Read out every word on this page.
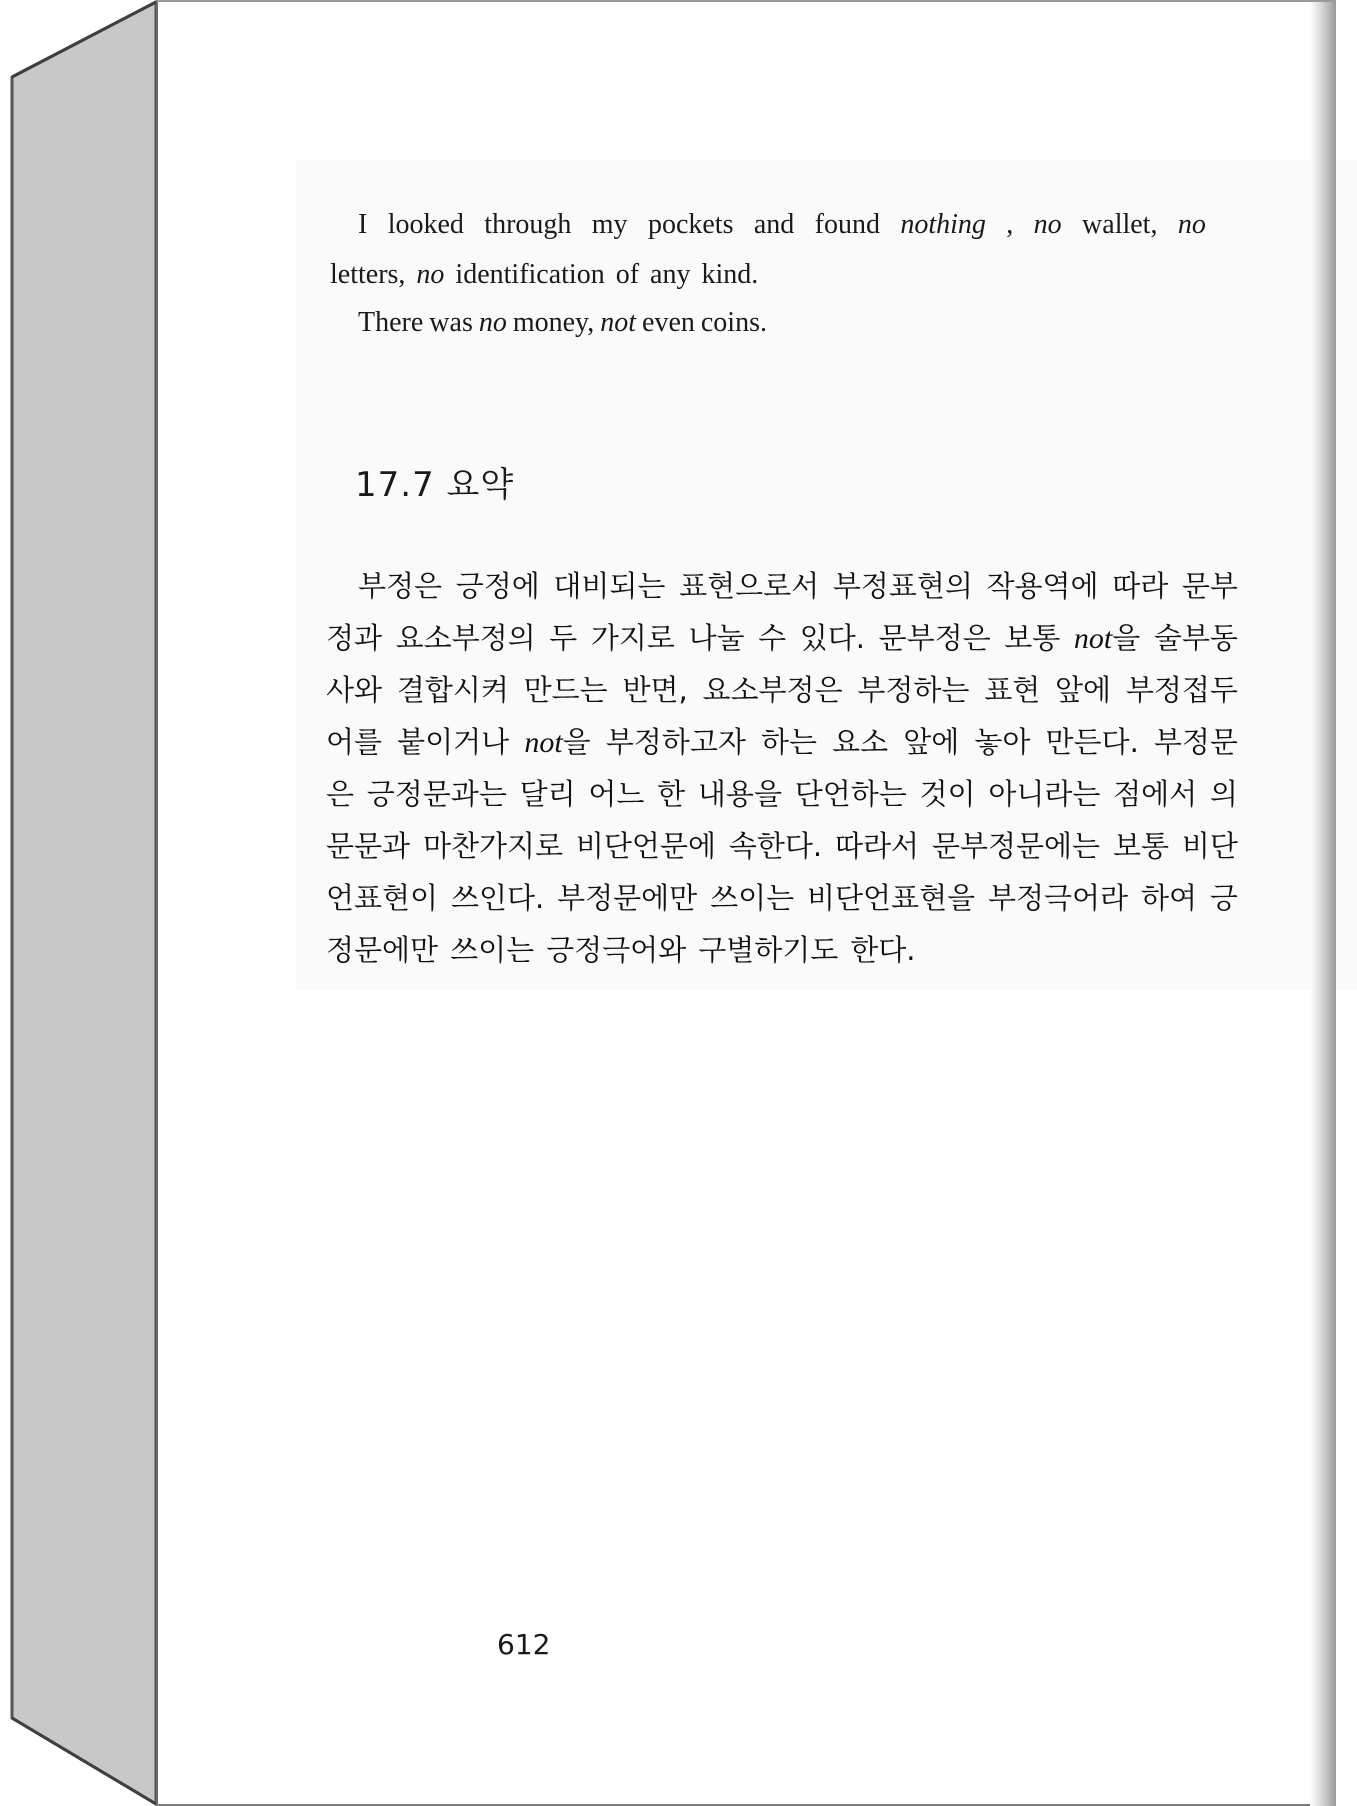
I looked through my pockets and found nothing , no wallet, no

letters, no identification of any kind.

There was no money, not even coins.

17.7 요약
부정은 긍정에 대비되는 표현으로서 부정표현의 작용역에 따라 문부
정과 요소부정의 두 가지로 나눌 수 있다. 문부정은 보통 not을 술부동
사와 결합시켜 만드는 반면, 요소부정은 부정하는 표현 앞에 부정접두
어를 붙이거나 not을 부정하고자 하는 요소 앞에 놓아 만든다. 부정문
은 긍정문과는 달리 어느 한 내용을 단언하는 것이 아니라는 점에서 의
문문과 마찬가지로 비단언문에 속한다. 따라서 문부정문에는 보통 비단
언표현이 쓰인다. 부정문에만 쓰이는 비단언표현을 부정극어라 하여 긍
정문에만 쓰이는 긍정극어와 구별하기도 한다.
612
